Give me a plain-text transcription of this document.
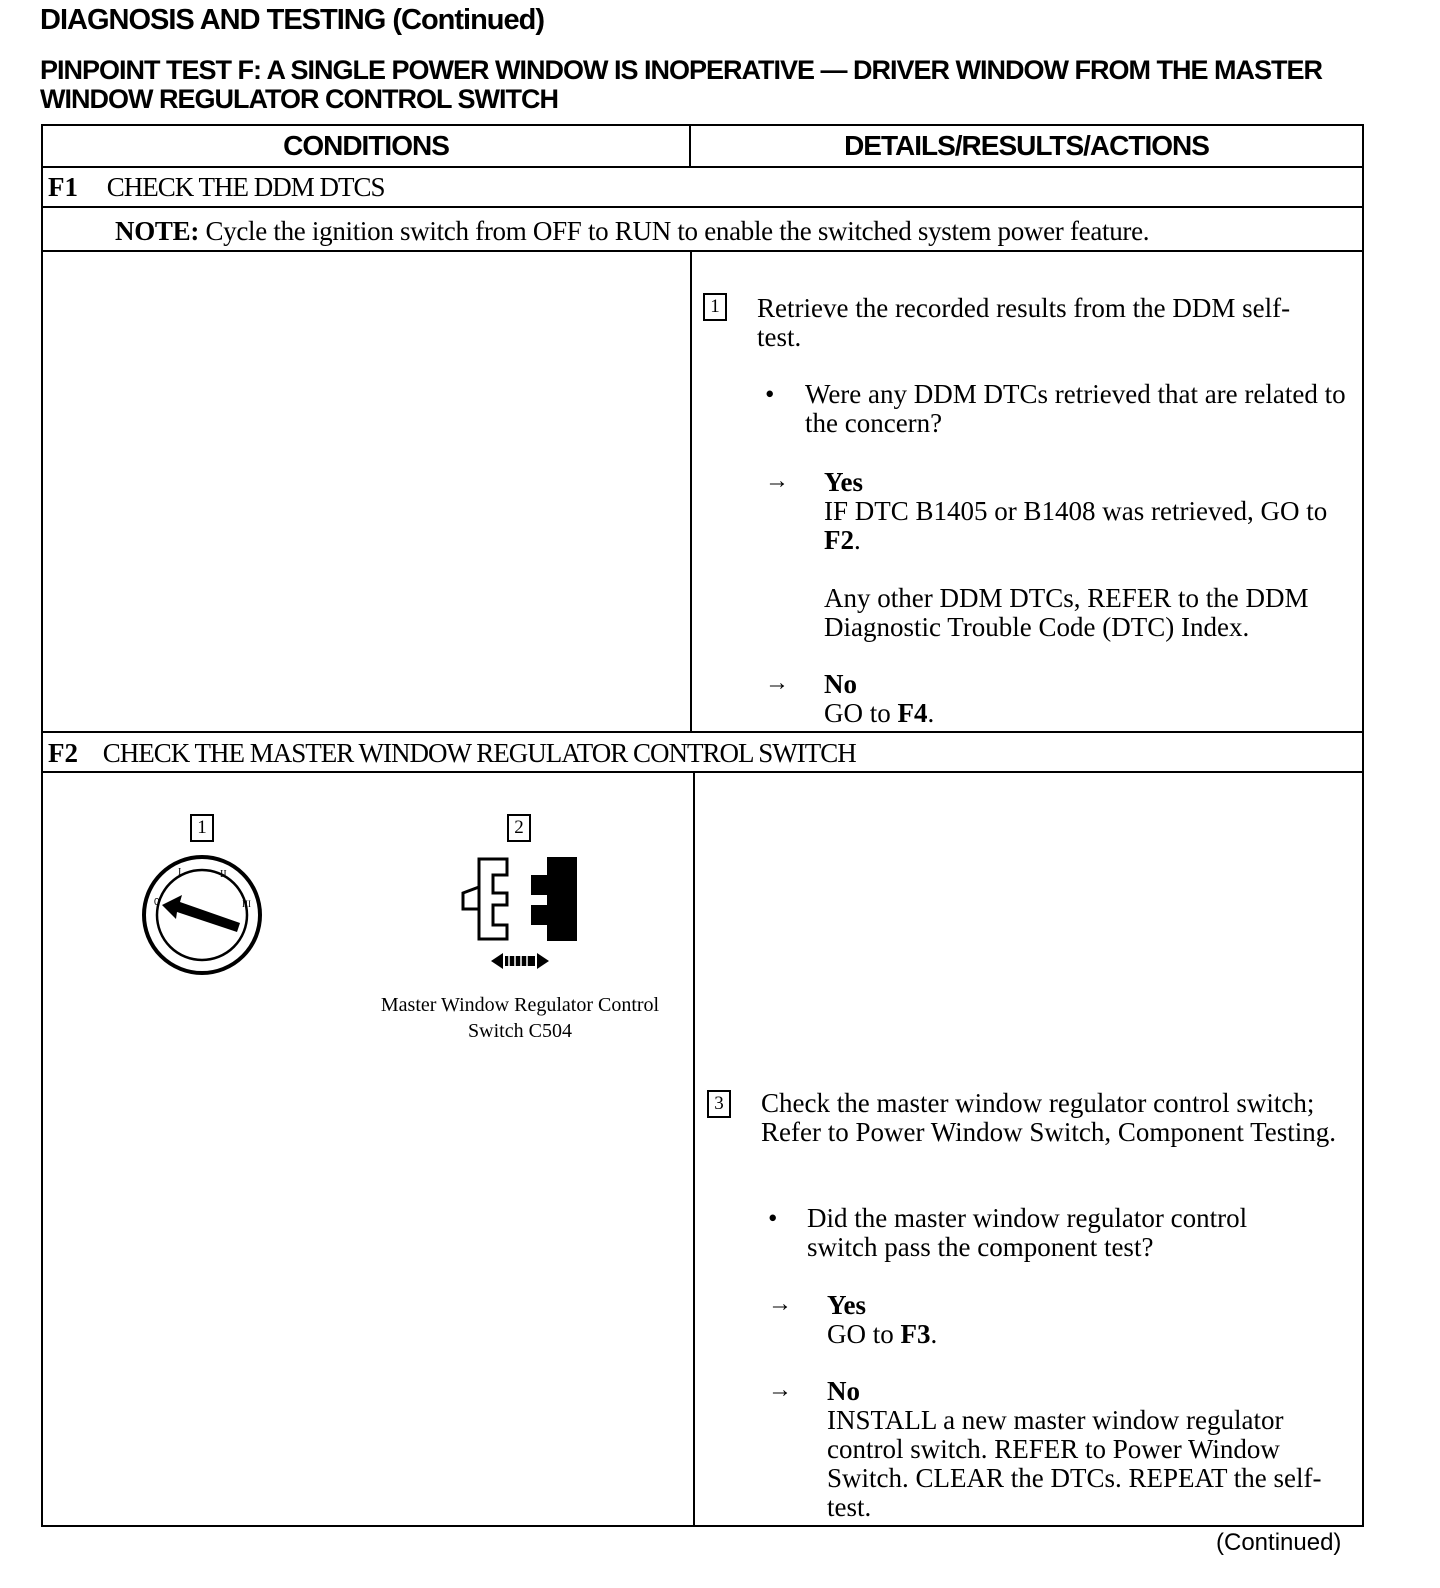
DIAGNOSIS AND TESTING (Continued)
PINPOINT TEST F: A SINGLE POWER WINDOW IS INOPERATIVE — DRIVER WINDOW FROM THE MASTER WINDOW REGULATOR CONTROL SWITCH
CONDITIONS	DETAILS/RESULTS/ACTIONS
F1 CHECK THE DDM DTCS
NOTE: Cycle the ignition switch from OFF to RUN to enable the switched system power feature.
1 Retrieve the recorded results from the DDM self-test.
• Were any DDM DTCs retrieved that are related to the concern?
→ Yes
IF DTC B1405 or B1408 was retrieved, GO to F2.

Any other DDM DTCs, REFER to the DDM Diagnostic Trouble Code (DTC) Index.
→ No
GO to F4.
F2 CHECK THE MASTER WINDOW REGULATOR CONTROL SWITCH
1
0
I	II
III
2
Master Window Regulator Control Switch C504
3 Check the master window regulator control switch; Refer to Power Window Switch, Component Testing.
• Did the master window regulator control switch pass the component test?
→ Yes
GO to F3.
→ No
INSTALL a new master window regulator control switch. REFER to Power Window Switch. CLEAR the DTCs. REPEAT the self-test.
(Continued)
